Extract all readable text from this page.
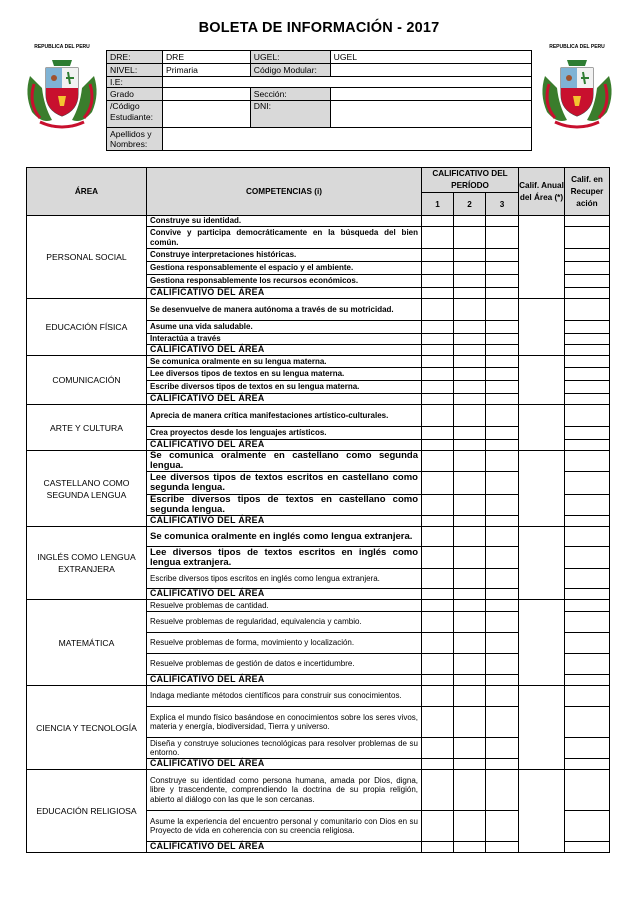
BOLETA DE INFORMACIÓN - 2017
REPUBLICA DEL PERU	REPUBLICA DEL PERU
DRE:	DRE	UGEL:	UGEL
NIVEL:	Primaria	Código Modular:	
I.E:			
Grado		Sección:	
/Código Estudiante:		DNI:	
Apellidos y Nombres:			
ÁREA	COMPETENCIAS (i)	CALIFICATIVO DEL PERÍODO			Calif. Anual del Área (*)	Calif. en Recuper ación
		1	2	3		
PERSONAL SOCIAL	Construye su identidad.					
	Convive y participa democráticamente en la búsqueda del bien común.					
	Construye interpretaciones históricas.					
	Gestiona responsablemente el espacio y el ambiente.					
	Gestiona responsablemente los recursos económicos.					
	CALIFICATIVO DEL ÁREA					
EDUCACIÓN FÍSICA	Se desenvuelve de manera autónoma a través de su motricidad.					
	Asume una vida saludable.					
	Interactúa a través					
	CALIFICATIVO DEL ÁREA					
COMUNICACIÓN	Se comunica oralmente en su lengua materna.					
	Lee diversos tipos de textos en su lengua materna.					
	Escribe diversos tipos de textos en su lengua materna.					
	CALIFICATIVO DEL ÁREA					
ARTE Y CULTURA	Aprecia de manera crítica manifestaciones artístico-culturales.					
	Crea proyectos desde los lenguajes artísticos.					
	CALIFICATIVO DEL ÁREA					
CASTELLANO COMO SEGUNDA LENGUA	Se comunica oralmente en castellano como segunda lengua.					
	Lee diversos tipos de textos escritos en castellano como segunda lengua.					
	Escribe diversos tipos de textos en castellano como segunda lengua.					
	CALIFICATIVO DEL ÁREA					
INGLÉS COMO LENGUA EXTRANJERA	Se comunica oralmente en inglés como lengua extranjera.					
	Lee diversos tipos de textos escritos en inglés como lengua extranjera.					
	Escribe diversos tipos escritos en inglés como lengua extranjera.					
	CALIFICATIVO DEL ÁREA					
MATEMÁTICA	Resuelve problemas de cantidad.					
	Resuelve problemas de regularidad, equivalencia y cambio.					
	Resuelve problemas de forma, movimiento y localización.					
	Resuelve problemas de gestión de datos e incertidumbre.					
	CALIFICATIVO DEL ÁREA					
CIENCIA Y TECNOLOGÍA	Indaga mediante métodos científicos para construir sus conocimientos.					
	Explica el mundo físico basándose en conocimientos sobre los seres vivos, materia y energía, biodiversidad, Tierra y universo.					
	Diseña y construye soluciones tecnológicas para resolver problemas de su entorno.					
	CALIFICATIVO DEL ÁREA					
EDUCACIÓN RELIGIOSA	Construye su identidad como persona humana, amada por Dios, digna, libre y trascendente, comprendiendo la doctrina de su propia religión, abierto al diálogo con las que le son cercanas.					
	Asume la experiencia del encuentro personal y comunitario con Dios en su Proyecto de vida en coherencia con su creencia religiosa.					
	CALIFICATIVO DEL ÁREA					
